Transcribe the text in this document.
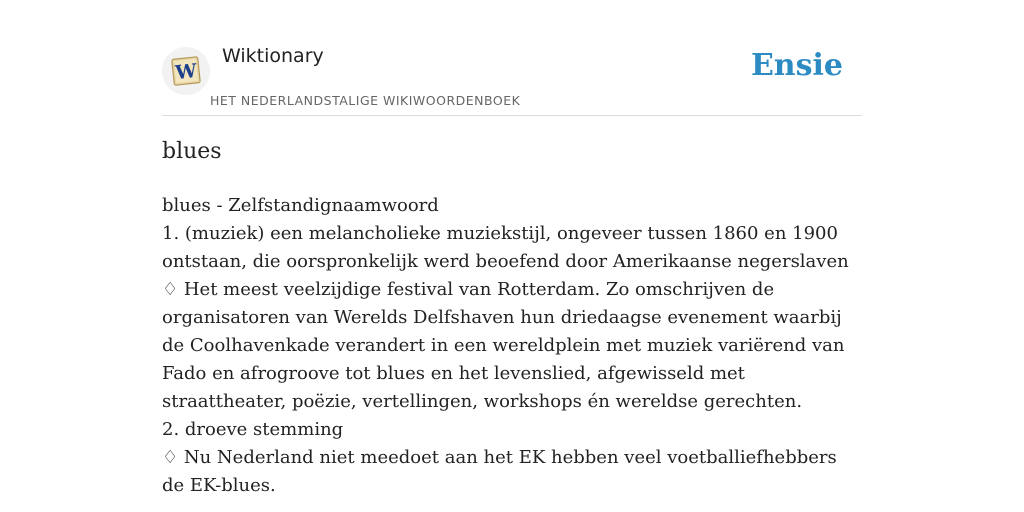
W
Wiktionary
HET NEDERLANDSTALIGE WIKIWOORDENBOEK
Ensie
blues
blues - Zelfstandignaamwoord
1. (muziek) een melancholieke muziekstijl, ongeveer tussen 1860 en 1900 ontstaan, die oorspronkelijk werd beoefend door Amerikaanse negerslaven
♢ Het meest veelzijdige festival van Rotterdam. Zo omschrijven de organisatoren van Werelds Delfshaven hun driedaagse evenement waarbij de Coolhavenkade verandert in een wereldplein met muziek variërend van Fado en afrogroove tot blues en het levenslied, afgewisseld met straattheater, poëzie, vertellingen, workshops én wereldse gerechten.
2. droeve stemming
♢ Nu Nederland niet meedoet aan het EK hebben veel voetballiefhebbers de EK-blues.
